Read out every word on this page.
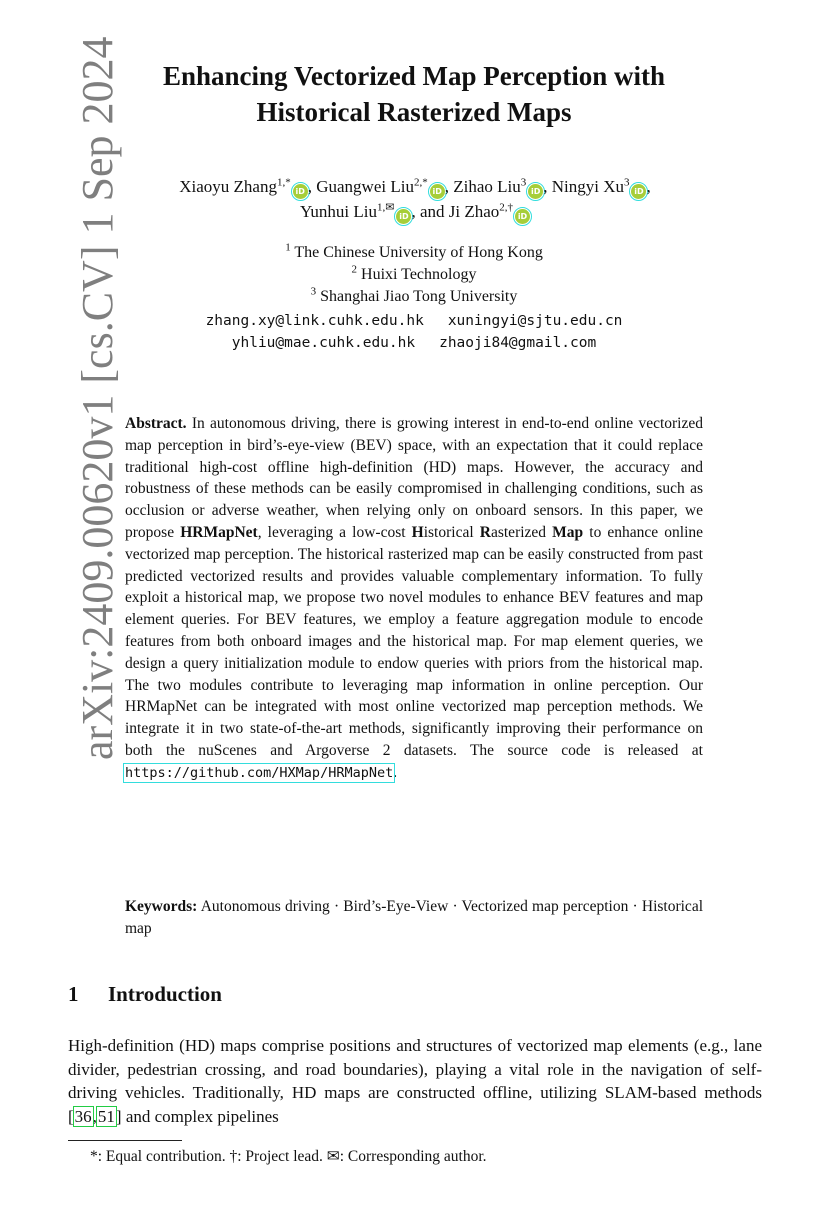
arXiv:2409.00620v1 [cs.CV] 1 Sep 2024	Enhancing Vectorized Map Perception with
Historical Rasterized Maps
Xiaoyu Zhang$^{1,*}$iD , Guangwei Liu$^{2,*}$iD , Zihao Liu$^3$iD , Ningyi Xu$^3$iD ,
Yunhui Liu$^{1,✉}$iD , and Ji Zhao$^{2,\dagger}$iD
$^1$ The Chinese University of Hong Kong
$^2$ Huixi Technology
$^3$ Shanghai Jiao Tong University
zhang.xy@link.cuhk.edu.hk xuningyi@sjtu.edu.cn
yhliu@mae.cuhk.edu.hk zhaoji84@gmail.com
Abstract. In autonomous driving, there is growing interest in end-to-end online vectorized map perception in bird’s-eye-view (BEV) space, with an expectation that it could replace traditional high-cost offline high-definition (HD) maps. However, the accuracy and robustness of these methods can be easily compromised in challenging conditions, such as occlusion or adverse weather, when relying only on onboard sensors. In this paper, we propose HRMapNet, leveraging a low-cost Historical Rasterized Map to enhance online vectorized map perception. The historical rasterized map can be easily constructed from past predicted vectorized results and provides valuable complementary information. To fully exploit a historical map, we propose two novel modules to enhance BEV features and map element queries. For BEV features, we employ a feature aggregation module to encode features from both onboard images and the historical map. For map element queries, we design a query initialization module to endow queries with priors from the historical map. The two modules contribute to leveraging map information in online perception. Our HRMapNet can be integrated with most online vectorized map perception methods. We integrate it in two state-of-the-art methods, significantly improving their performance on both the nuScenes and Argoverse 2 datasets. The source code is released at https://github.com/HXMap/HRMapNet.
Keywords: Autonomous driving · Bird’s-Eye-View · Vectorized map perception · Historical map
1 Introduction
High-definition (HD) maps comprise positions and structures of vectorized map elements (e.g., lane divider, pedestrian crossing, and road boundaries), playing a vital role in the navigation of self-driving vehicles. Traditionally, HD maps are constructed offline, utilizing SLAM-based methods [36,51] and complex pipelines
*: Equal contribution. †: Project lead. ✉: Corresponding author.
